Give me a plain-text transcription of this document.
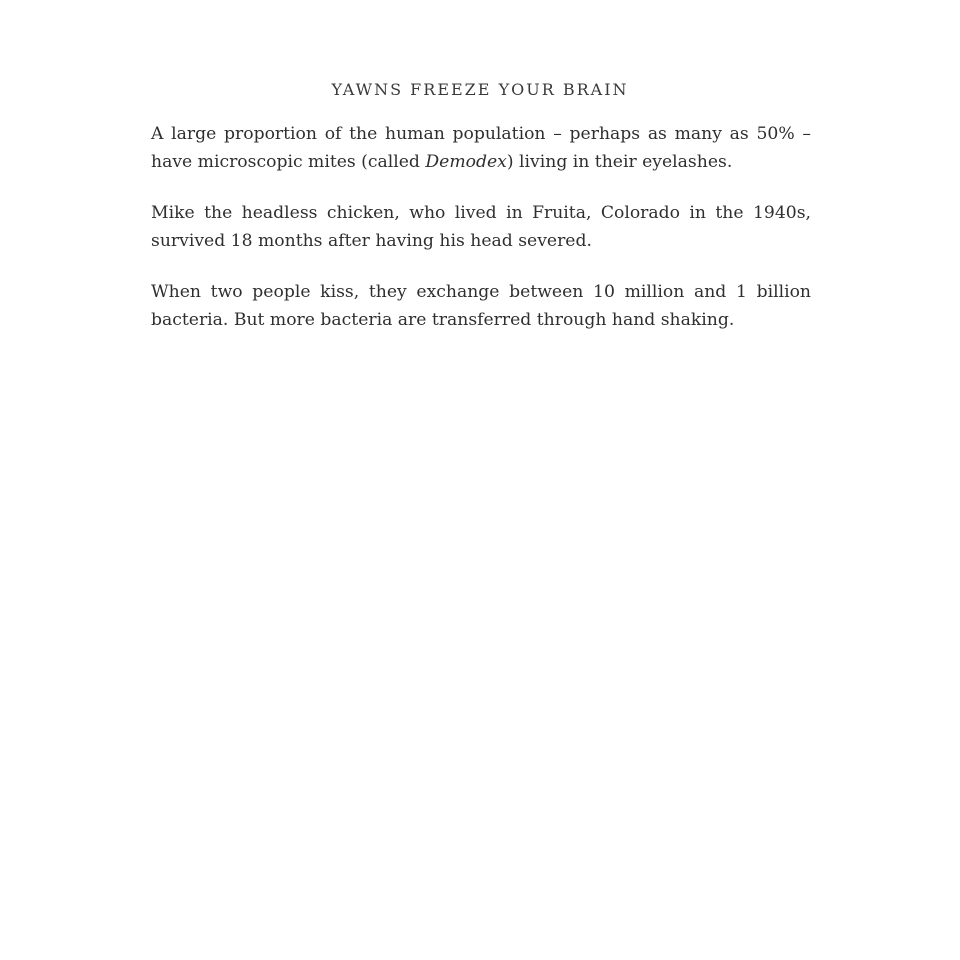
YAWNS FREEZE YOUR BRAIN

A large proportion of the human population – perhaps as many as 50% – have microscopic mites (called Demodex) living in their eyelashes.

Mike the headless chicken, who lived in Fruita, Colorado in the 1940s, survived 18 months after having his head severed.

When two people kiss, they exchange between 10 million and 1 billion bacteria. But more bacteria are transferred through hand shaking.
